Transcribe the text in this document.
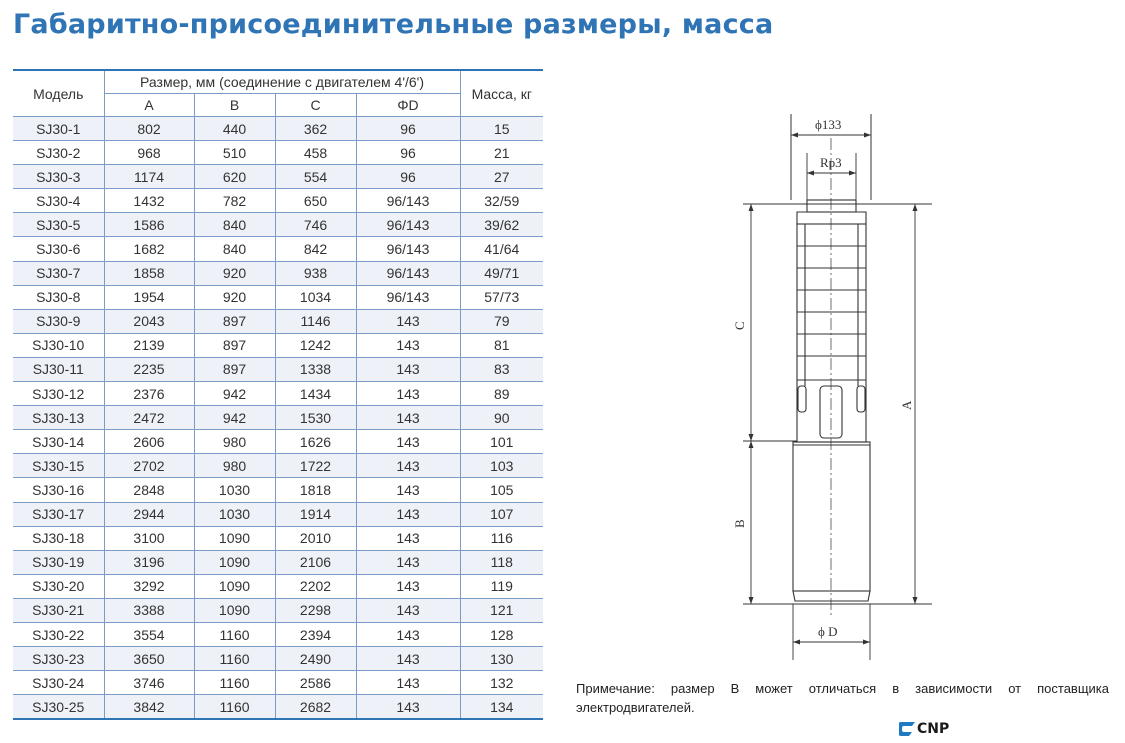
Габаритно-присоединительные размеры, масса
Модель	Размер, мм (соединение с двигателем 4'/6')				Масса, кг
	A	B	C	ΦD	
SJ30-1	802	440	362	96	15
SJ30-2	968	510	458	96	21
SJ30-3	1174	620	554	96	27
SJ30-4	1432	782	650	96/143	32/59
SJ30-5	1586	840	746	96/143	39/62
SJ30-6	1682	840	842	96/143	41/64
SJ30-7	1858	920	938	96/143	49/71
SJ30-8	1954	920	1034	96/143	57/73
SJ30-9	2043	897	1146	143	79
SJ30-10	2139	897	1242	143	81
SJ30-11	2235	897	1338	143	83
SJ30-12	2376	942	1434	143	89
SJ30-13	2472	942	1530	143	90
SJ30-14	2606	980	1626	143	101
SJ30-15	2702	980	1722	143	103
SJ30-16	2848	1030	1818	143	105
SJ30-17	2944	1030	1914	143	107
SJ30-18	3100	1090	2010	143	116
SJ30-19	3196	1090	2106	143	118
SJ30-20	3292	1090	2202	143	119
SJ30-21	3388	1090	2298	143	121
SJ30-22	3554	1160	2394	143	128
SJ30-23	3650	1160	2490	143	130
SJ30-24	3746	1160	2586	143	132
SJ30-25	3842	1160	2682	143	134
ϕ133
Rp3
C
B
A
ϕ D
Примечание: размер B может отличаться в зависимости от поставщика электродвигателей.
CNP
